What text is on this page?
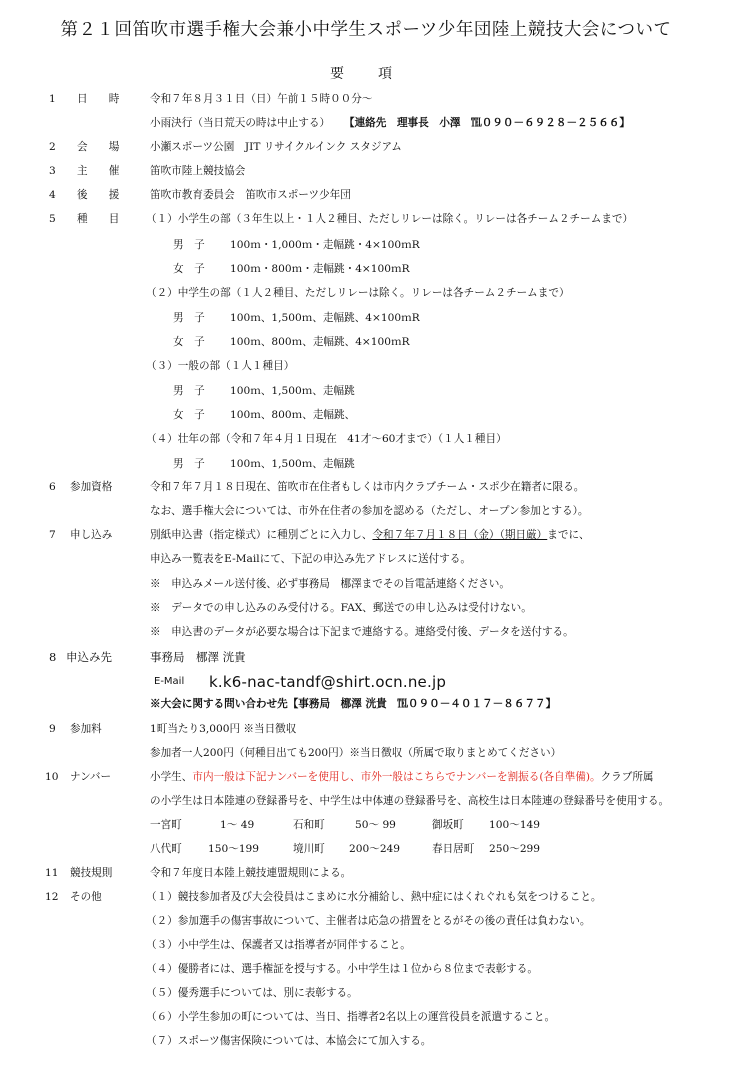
第２１回笛吹市選手権大会兼小中学生スポーツ少年団陸上競技大会について
要　項
1 日　　時	令和７年８月３１日（日）午前１５時００分～
小雨決行（当日荒天の時は中止する） 【連絡先　理事長　小澤　℡０９０－６９２８－２５６６】
2 会　　場	小瀬スポーツ公園　JIT リサイクルインク スタジアム
3 主　　催	笛吹市陸上競技協会
4 後　　援	笛吹市教育委員会　笛吹市スポーツ少年団
5 種　　目	（１）小学生の部（３年生以上・１人２種目、ただしリレーは除く。リレーは各チーム２チームまで）
男　子 100ｍ・1,000ｍ・走幅跳・4×100ｍR
女　子 100ｍ・800ｍ・走幅跳・4×100ｍR
（２）中学生の部（１人２種目、ただしリレーは除く。リレーは各チーム２チームまで）
男　子 100ｍ、1,500ｍ、走幅跳、4×100ｍR
女　子 100ｍ、800ｍ、走幅跳、4×100ｍR
（３）一般の部（１人１種目）
男　子 100ｍ、1,500ｍ、走幅跳
女　子 100ｍ、800ｍ、走幅跳、
（４）壮年の部（令和７年４月１日現在　41才～60才まで）（１人１種目）
男　子 100ｍ、1,500ｍ、走幅跳
6 参加資格	令和７年７月１８日現在、笛吹市在住者もしくは市内クラブチーム・スポ少在籍者に限る。
なお、選手権大会については、市外在住者の参加を認める（ただし、オープン参加とする）。
7 申し込み	別紙申込書（指定様式）に種別ごとに入力し、令和７年７月１８日（金）（期日厳）までに、
申込み一覧表をE-Mailにて、下記の申込み先アドレスに送付する。
※　申込みメール送付後、必ず事務局　梛澤までその旨電話連絡ください。
※　データでの申し込みのみ受付ける。FAX、郵送での申し込みは受付けない。
※　申込書のデータが必要な場合は下記まで連絡する。連絡受付後、データを送付する。
8 申込み先	事務局　梛澤 洸貴
E-Mail k.k6-nac-tandf@shirt.ocn.ne.jp
※大会に関する問い合わせ先【事務局　梛澤 洸貴　℡０９０－４０１７－８６７７】
9 参加料	1町当たり3,000円 ※当日徴収
参加者一人200円（何種目出ても200円）※当日徴収（所属で取りまとめてください）
10 ナンバー	小学生、市内一般は下記ナンバーを使用し、市外一般はこちらでナンバーを割振る(各自準備)。クラブ所属
の小学生は日本陸連の登録番号を、中学生は中体連の登録番号を、高校生は日本陸連の登録番号を使用する。
一宮町	1～ 49	石和町	50～ 99	御坂町 100～149
八代町 150～199	境川町 200～249	春日居町 250～299
11 競技規則	令和７年度日本陸上競技連盟規則による。
12 その他	（１）競技参加者及び大会役員はこまめに水分補給し、熱中症にはくれぐれも気をつけること。
（２）参加選手の傷害事故について、主催者は応急の措置をとるがその後の責任は負わない。
（３）小中学生は、保護者又は指導者が同伴すること。
（４）優勝者には、選手権証を授与する。小中学生は１位から８位まで表彰する。
（５）優秀選手については、別に表彰する。
（６）小学生参加の町については、当日、指導者2名以上の運営役員を派遣すること。
（７）スポーツ傷害保険については、本協会にて加入する。
